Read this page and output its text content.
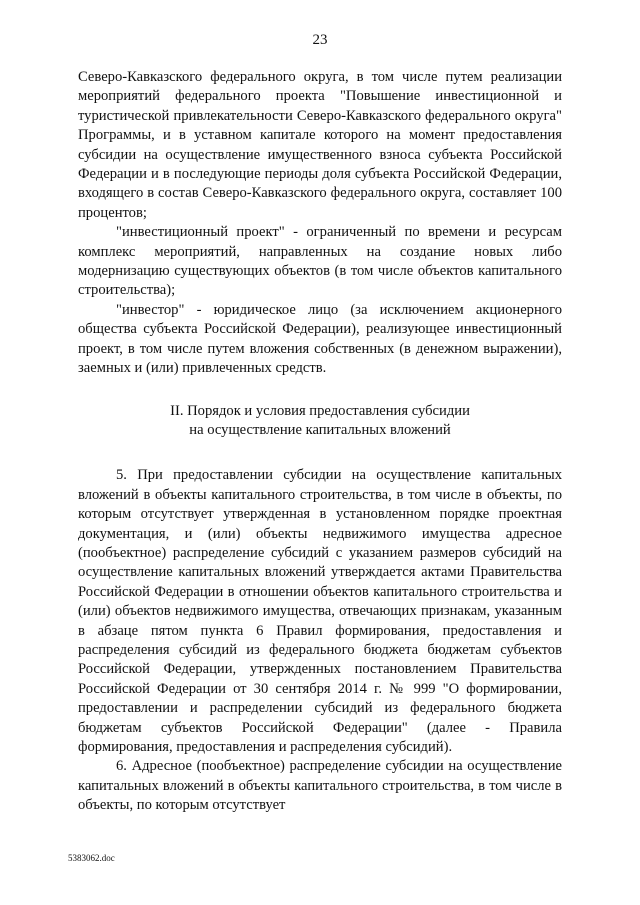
23

Северо-Кавказского федерального округа, в том числе путем реализации мероприятий федерального проекта "Повышение инвестиционной и туристической привлекательности Северо-Кавказского федерального округа" Программы, и в уставном капитале которого на момент предоставления субсидии на осуществление имущественного взноса субъекта Российской Федерации и в последующие периоды доля субъекта Российской Федерации, входящего в состав Северо-Кавказского федерального округа, составляет 100 процентов;

"инвестиционный проект" - ограниченный по времени и ресурсам комплекс мероприятий, направленных на создание новых либо модернизацию существующих объектов (в том числе объектов капитального строительства);

"инвестор" - юридическое лицо (за исключением акционерного общества субъекта Российской Федерации), реализующее инвестиционный проект, в том числе путем вложения собственных (в денежном выражении), заемных и (или) привлеченных средств.

II. Порядок и условия предоставления субсидии
на осуществление капитальных вложений

5. При предоставлении субсидии на осуществление капитальных вложений в объекты капитального строительства, в том числе в объекты, по которым отсутствует утвержденная в установленном порядке проектная документация, и (или) объекты недвижимого имущества адресное (пообъектное) распределение субсидий с указанием размеров субсидий на осуществление капитальных вложений утверждается актами Правительства Российской Федерации в отношении объектов капитального строительства и (или) объектов недвижимого имущества, отвечающих признакам, указанным в абзаце пятом пункта 6 Правил формирования, предоставления и распределения субсидий из федерального бюджета бюджетам субъектов Российской Федерации, утвержденных постановлением Правительства Российской Федерации от 30 сентября 2014 г. № 999 "О формировании, предоставлении и распределении субсидий из федерального бюджета бюджетам субъектов Российской Федерации" (далее - Правила формирования, предоставления и распределения субсидий).

6. Адресное (пообъектное) распределение субсидии на осуществление капитальных вложений в объекты капитального строительства, в том числе в объекты, по которым отсутствует

5383062.doc
